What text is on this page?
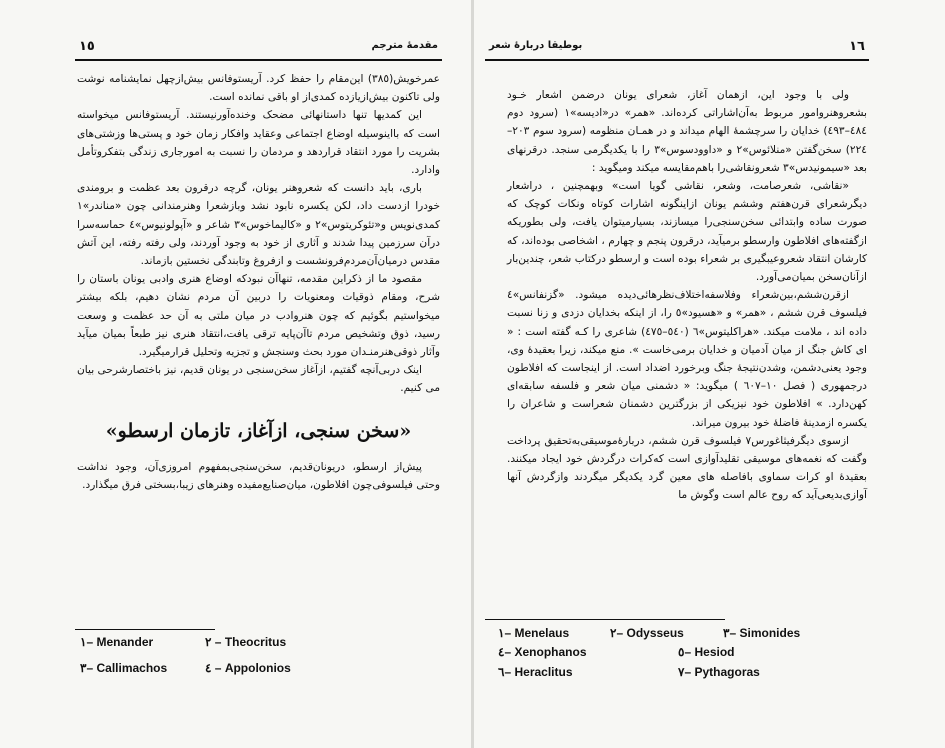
١٥	مقدمهٔ مترجم

عمرخویش(٣٨٥) این‌مقام را حفظ کرد. آریستوفانس بیش‌ازچهل نمایشنامه نوشت ولی تاکنون بیش‌ازیازده کمدی‌از او باقی نمانده است.

این کمدیها تنها داستانهائی مضحک وخنده‌آورنیستند. آریستوفانس میخواسته است که بااینوسیله اوضاع اجتماعی وعقاید وافکار زمان خود و پستی‌ها وزشتی‌های بشریت را مورد انتقاد قراردهد و مردمان را نسبت به امورجاری زندگی بتفکروتأمل وادارد.

باری، باید دانست که شعروهنر یونان، گرچه درقرون بعد عظمت و برومندی خودرا ازدست داد، لکن یکسره نابود نشد وبازشعرا وهنرمندانی چون «مناندر»١ کمدی‌نویس و«تئوکریتوس»٢ و «کالیماخوس»٣ شاعر و «آپولونیوس»٤ حماسه‌سرا درآن سرزمین پیدا شدند و آثاری از خود به وجود آوردند، ولی رفته رفته، این آتش مقدس درمیان‌آن‌مردم‌فرونشست و ازفروغ وتابندگی نخستین بازماند.

مقصود ما از ذکراین مقدمه، تنهاآن نبودکه اوضاع هنری وادبی یونان باستان را شرح، ومقام ذوقیات ومعنویات را دربین آن مردم نشان دهیم، بلکه بیشتر میخواستیم بگوئیم که چون هنروادب در میان ملتی به آن حد عظمت و وسعت رسید، ذوق وتشخیص مردم تاآن‌پایه ترقی یافت،انتقاد هنری نیز طبعاً بمیان میآید وآثار ذوقی‌هنرمنـدان مورد بحث وسنجش و تجزیه وتحلیل قرارمیگیرد.

اینک دربی‌آنچه گفتیم، ازآغاز سخن‌سنجی در یونان قدیم، نیز باختصارشرحی بیان می کنیم.

«سخن سنجی، ازآغاز، تازمان ارسطو»

پیش‌از ارسطو، دریونان‌قدیم، سخن‌سنجی‌بمفهوم امروزی‌آن، وجود نداشت وحتی فیلسوفی‌چون افلاطون، میان‌صنایع‌مفیده وهنرهای زیبا،بسختی فرق میگذارد.

١– Menander	٢ – Theocritus
٣– Callimachos	٤ – Appolonios
بوطیقا دربارهٔ شعر	١٦

ولی با وجود این، ازهمان آغاز، شعرای یونان درضمن اشعار خـود بشعروهنروامور مربوط به‌آن‌اشاراتی کرده‌اند. «همر» در«ادیسه»١ (سرود دوم ٤٨٤–٤٩٣) خدایان را سرچشمهٔ الهام میداند و در همـان منظومه (سرود سوم ٢٠٣–٢٢٤) سخن‌گفتن «منلائوس»٢ و «داوودسوس»٣ را با یکدیگرمی سنجد. درقرنهای بعد «سیمونیدس»٣ شعرونقاشی‌را باهم‌مقایسه میکند ومیگوید :

«نقاشی، شعرصامت، وشعر، نقاشی گویا است» وبهمچنین ، دراشعار دیگرشعرای قرن‌هفتم وششم یونان ازاینگونه اشارات کوتاه ونکات کوچک که صورت ساده وابتدائی سخن‌سنجی‌را میسازند، بسیارمیتوان یافت، ولی بطوریکه ازگفته‌های افلاطون وارسطو برمیآید، درقرون پنجم و چهارم ، اشخاصی بوده‌اند، که کارشان انتقاد شعروعیبگیری بر شعراء بوده است و ارسطو درکتاب شعر، چندین‌بار ازآنان‌سخن بمیان‌می‌آورد.

ازقرن‌ششم،بین‌شعراء وفلاسفه‌اختلاف‌نظرهائی‌دیده میشود. «گزنفانس»٤ فیلسوف قرن ششم ، «همر» و «هسیود»٥ را، از اینکه بخدایان دزدی و زنا نسبت داده اند ، ملامت میکند. «هراکلیتوس»٦ (٥٤٠–٤٧٥) شاعری را کـه گفته است : « ای کاش جنگ از میان آدمیان و خدایان برمی‌خاست ». منع میکند، زیرا بعقیدهٔ وی، وجود یعنی‌دشمن، وشدن‌نتیجهٔ جنگ وبرخورد اضداد است. از اینجاست که افلاطون درجمهوری ( فصل ١٠–٦٠٧ ) میگوید: « دشمنی میان شعر و فلسفه سابقه‌ای کهن‌دارد. » افلاطون خود نیزیکی از بزرگترین دشمنان شعراست و شاعران را یکسره ازمدینهٔ فاضلهٔ خود بیرون میراند.

ازسوی دیگرفیثاغورس٧ فیلسوف قرن ششم، دربارهٔ‌موسیقی‌به‌تحقیق پرداخت وگفت که نغمه‌های موسیقی تقلیدآوازی است که‌کرات درگردش خود ایجاد میکنند. بعقیدهٔ او کرات سماوی بافاصله های معین گرد یکدیگر میگردند وازگردش آنها آوازی‌بدیعی‌آید که روح عالم است وگوش ما

١– Menelaus	٢– Odysseus	٣– Simonides
٤– Xenophanos	٥– Hesiod
٦– Heraclitus	٧– Pythagoras
